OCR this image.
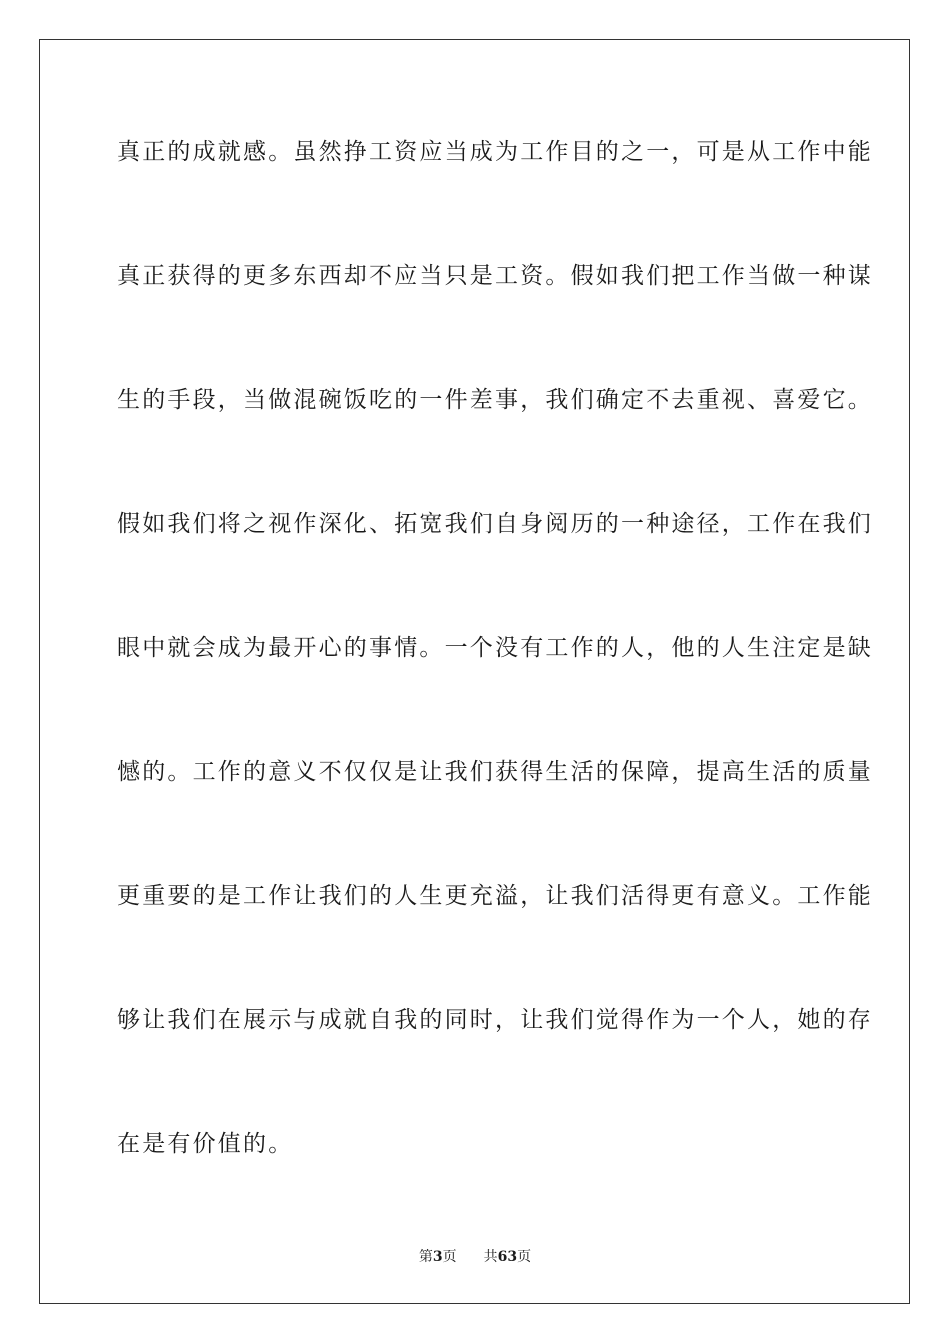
真正的成就感。虽然挣工资应当成为工作目的之一，可是从工作中能
真正获得的更多东西却不应当只是工资。假如我们把工作当做一种谋
生的手段，当做混碗饭吃的一件差事，我们确定不去重视、喜爱它。
假如我们将之视作深化、拓宽我们自身阅历的一种途径，工作在我们
眼中就会成为最开心的事情。一个没有工作的人，他的人生注定是缺
憾的。工作的意义不仅仅是让我们获得生活的保障，提高生活的质量
更重要的是工作让我们的人生更充溢，让我们活得更有意义。工作能
够让我们在展示与成就自我的同时，让我们觉得作为一个人，她的存
在是有价值的。
第3页 共63页
